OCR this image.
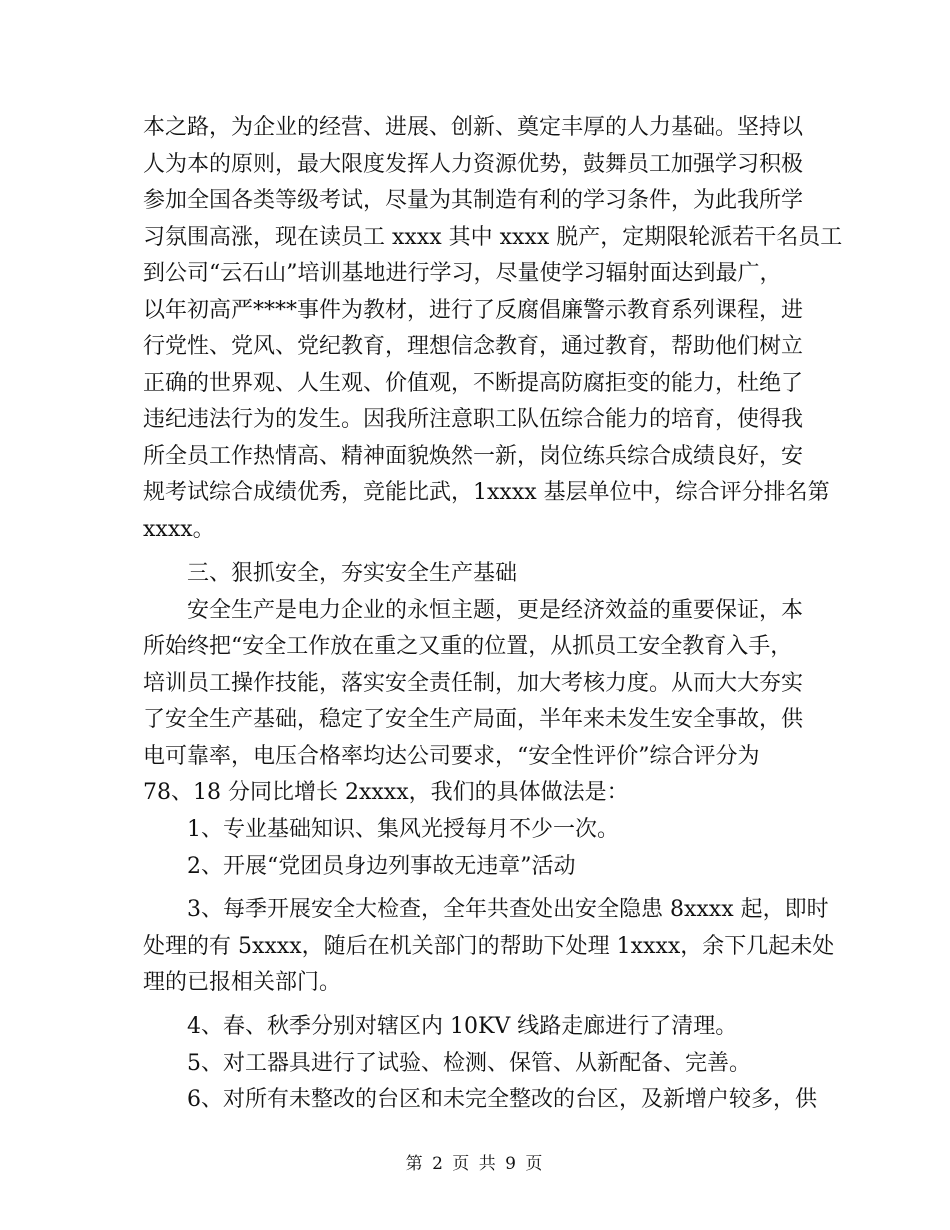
本之路，为企业的经营、进展、创新、奠定丰厚的人力基础。坚持以
人为本的原则，最大限度发挥人力资源优势，鼓舞员工加强学习积极
参加全国各类等级考试，尽量为其制造有利的学习条件，为此我所学
习氛围高涨，现在读员工 xxxx 其中 xxxx 脱产，定期限轮派若干名员工
到公司“云石山”培训基地进行学习，尽量使学习辐射面达到最广，
以年初高严****事件为教材，进行了反腐倡廉警示教育系列课程，进
行党性、党风、党纪教育，理想信念教育，通过教育，帮助他们树立
正确的世界观、人生观、价值观，不断提高防腐拒变的能力，杜绝了
违纪违法行为的发生。因我所注意职工队伍综合能力的培育，使得我
所全员工作热情高、精神面貌焕然一新，岗位练兵综合成绩良好，安
规考试综合成绩优秀，竞能比武，1xxxx 基层单位中，综合评分排名第
xxxx。
三、狠抓安全，夯实安全生产基础
安全生产是电力企业的永恒主题，更是经济效益的重要保证，本
所始终把“安全工作放在重之又重的位置，从抓员工安全教育入手，
培训员工操作技能，落实安全责任制，加大考核力度。从而大大夯实
了安全生产基础，稳定了安全生产局面，半年来未发生安全事故，供
电可靠率，电压合格率均达公司要求，“安全性评价”综合评分为
78、18 分同比增长 2xxxx，我们的具体做法是：
1、专业基础知识、集风光授每月不少一次。
2、开展“党团员身边列事故无违章”活动
3、每季开展安全大检查，全年共查处出安全隐患 8xxxx 起，即时
处理的有 5xxxx，随后在机关部门的帮助下处理 1xxxx，余下几起未处
理的已报相关部门。
4、春、秋季分别对辖区内 10KV 线路走廊进行了清理。
5、对工器具进行了试验、检测、保管、从新配备、完善。
6、对所有未整改的台区和未完全整改的台区，及新增户较多，供
第 2 页 共 9 页
